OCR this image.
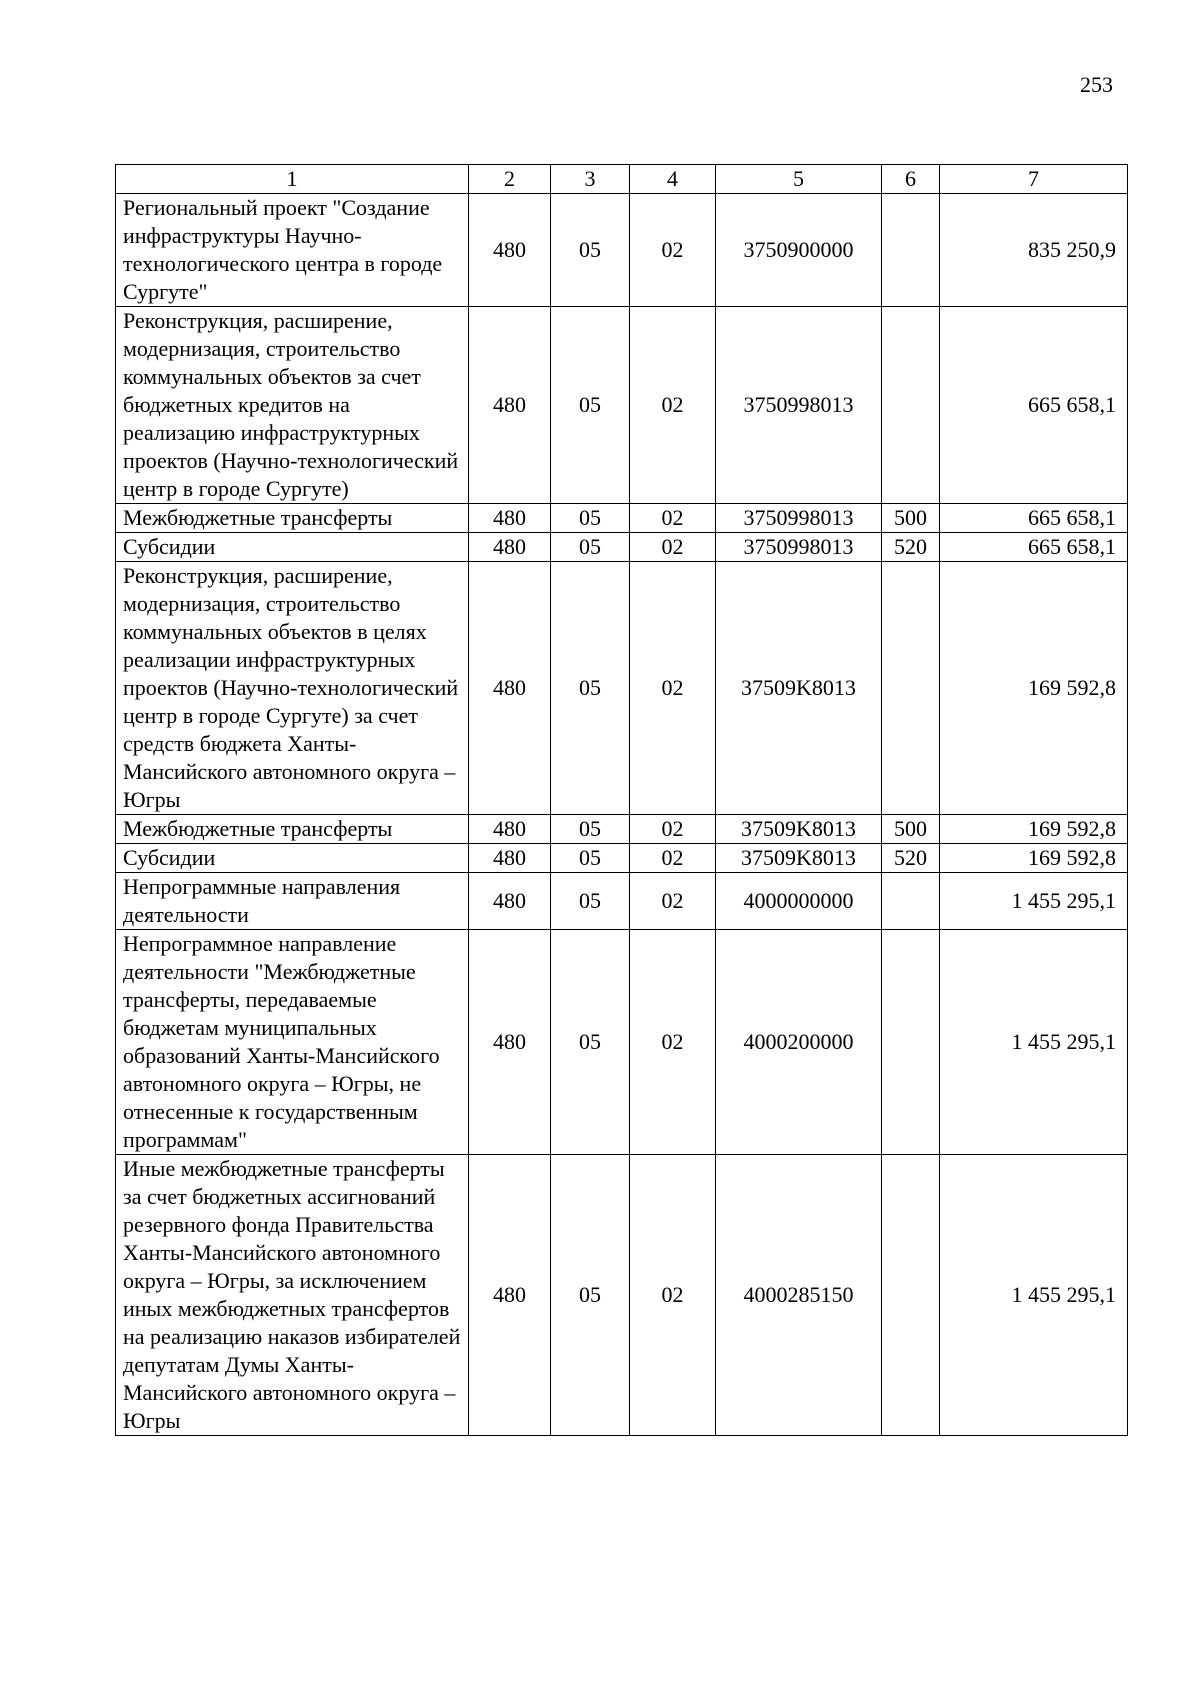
253
1	2	3	4	5	6	7
Региональный проект "Создание инфраструктуры Научно-технологического центра в городе Сургуте"	480	05	02	3750900000		835 250,9
Реконструкция, расширение, модернизация, строительство коммунальных объектов за счет бюджетных кредитов на реализацию инфраструктурных проектов (Научно-технологический центр в городе Сургуте)	480	05	02	3750998013		665 658,1
Межбюджетные трансферты	480	05	02	3750998013	500	665 658,1
Субсидии	480	05	02	3750998013	520	665 658,1
Реконструкция, расширение, модернизация, строительство коммунальных объектов в целях реализации инфраструктурных проектов (Научно-технологический центр в городе Сургуте) за счет средств бюджета Ханты-Мансийского автономного округа – Югры	480	05	02	37509K8013		169 592,8
Межбюджетные трансферты	480	05	02	37509K8013	500	169 592,8
Субсидии	480	05	02	37509K8013	520	169 592,8
Непрограммные направления деятельности	480	05	02	4000000000		1 455 295,1
Непрограммное направление деятельности "Межбюджетные трансферты, передаваемые бюджетам муниципальных образований Ханты-Мансийского автономного округа – Югры, не отнесенные к государственным программам"	480	05	02	4000200000		1 455 295,1
Иные межбюджетные трансферты за счет бюджетных ассигнований резервного фонда Правительства Ханты-Мансийского автономного округа – Югры, за исключением иных межбюджетных трансфертов на реализацию наказов избирателей депутатам Думы Ханты-Мансийского автономного округа – Югры	480	05	02	4000285150		1 455 295,1
